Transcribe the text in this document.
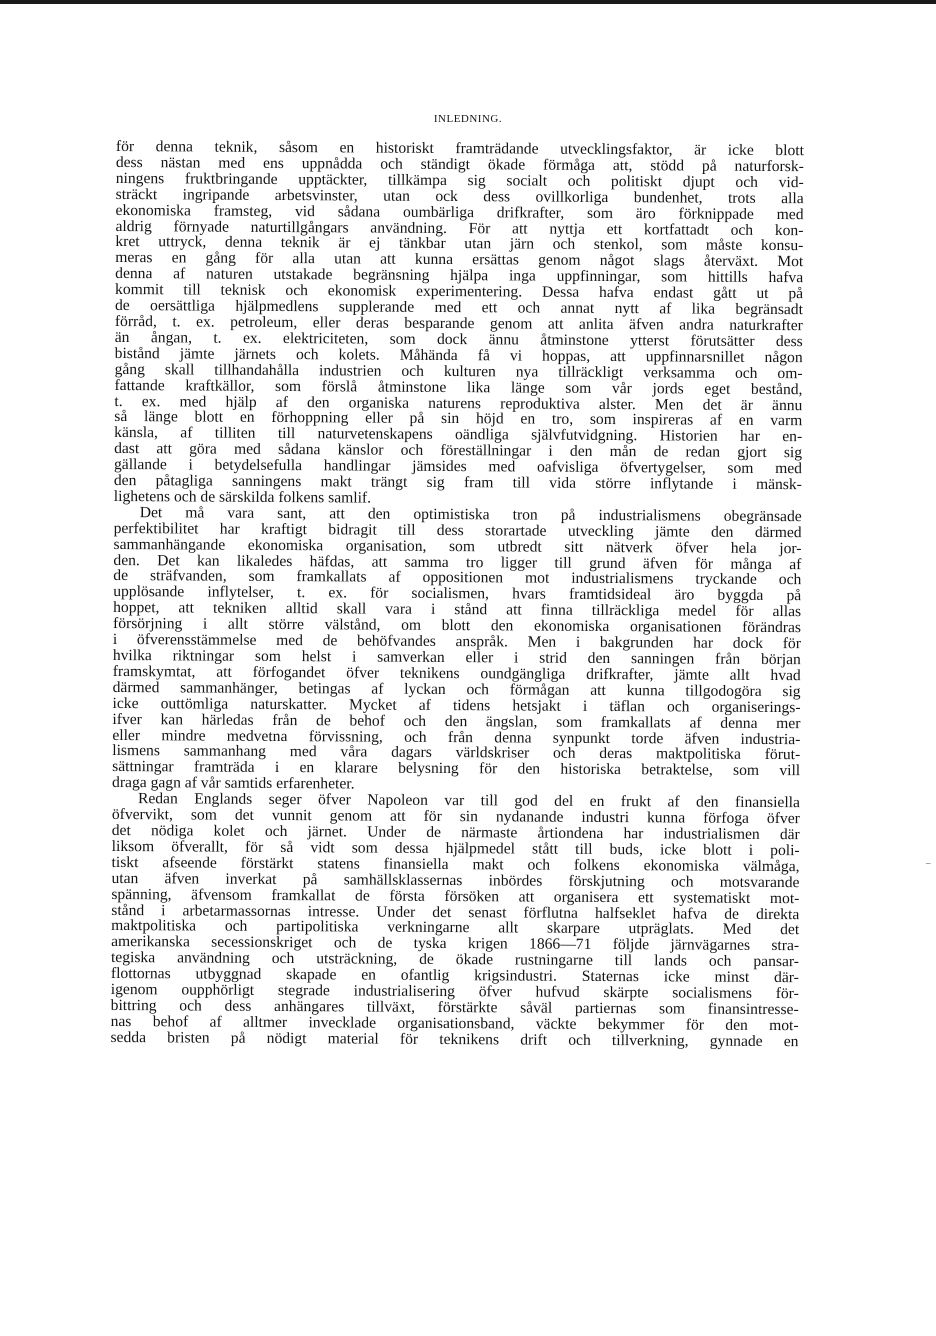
INLEDNING.
för denna teknik, såsom en historiskt framträdande utvecklingsfaktor, är icke blott
dess nästan med ens uppnådda och ständigt ökade förmåga att, stödd på naturforsk-
ningens fruktbringande upptäckter, tillkämpa sig socialt och politiskt djupt och vid-
sträckt ingripande arbetsvinster, utan ock dess ovillkorliga bundenhet, trots alla
ekonomiska framsteg, vid sådana oumbärliga drifkrafter, som äro förknippade med
aldrig förnyade naturtillgångars användning. För att nyttja ett kortfattadt och kon-
kret uttryck, denna teknik är ej tänkbar utan järn och stenkol, som måste konsu-
meras en gång för alla utan att kunna ersättas genom något slags återväxt. Mot
denna af naturen utstakade begränsning hjälpa inga uppfinningar, som hittills hafva
kommit till teknisk och ekonomisk experimentering. Dessa hafva endast gått ut på
de oersättliga hjälpmedlens supplerande med ett och annat nytt af lika begränsadt
förråd, t. ex. petroleum, eller deras besparande genom att anlita äfven andra naturkrafter
än ångan, t. ex. elektriciteten, som dock ännu åtminstone ytterst förutsätter dess
bistånd jämte järnets och kolets. Måhända få vi hoppas, att uppfinnarsnillet någon
gång skall tillhandahålla industrien och kulturen nya tillräckligt verksamma och om-
fattande kraftkällor, som förslå åtminstone lika länge som vår jords eget bestånd,
t. ex. med hjälp af den organiska naturens reproduktiva alster. Men det är ännu
så länge blott en förhoppning eller på sin höjd en tro, som inspireras af en varm
känsla, af tilliten till naturvetenskapens oändliga självfutvidgning. Historien har en-
dast att göra med sådana känslor och föreställningar i den mån de redan gjort sig
gällande i betydelsefulla handlingar jämsides med oafvisliga öfvertygelser, som med
den påtagliga sanningens makt trängt sig fram till vida större inflytande i mänsk-
lighetens och de särskilda folkens samlif.
Det må vara sant, att den optimistiska tron på industrialismens obegränsade
perfektibilitet har kraftigt bidragit till dess storartade utveckling jämte den därmed
sammanhängande ekonomiska organisation, som utbredt sitt nätverk öfver hela jor-
den. Det kan likaledes häfdas, att samma tro ligger till grund äfven för många af
de sträfvanden, som framkallats af oppositionen mot industrialismens tryckande och
upplösande inflytelser, t. ex. för socialismen, hvars framtidsideal äro byggda på
hoppet, att tekniken alltid skall vara i stånd att finna tillräckliga medel för allas
försörjning i allt större välstånd, om blott den ekonomiska organisationen förändras
i öfverensstämmelse med de behöfvandes anspråk. Men i bakgrunden har dock för
hvilka riktningar som helst i samverkan eller i strid den sanningen från början
framskymtat, att förfogandet öfver teknikens oundgängliga drifkrafter, jämte allt hvad
därmed sammanhänger, betingas af lyckan och förmågan att kunna tillgodogöra sig
icke outtömliga naturskatter. Mycket af tidens hetsjakt i täflan och organiserings-
ifver kan härledas från de behof och den ängslan, som framkallats af denna mer
eller mindre medvetna förvissning, och från denna synpunkt torde äfven industria-
lismens sammanhang med våra dagars världskriser och deras maktpolitiska förut-
sättningar framträda i en klarare belysning för den historiska betraktelse, som vill
draga gagn af vår samtids erfarenheter.
Redan Englands seger öfver Napoleon var till god del en frukt af den finansiella
öfvervikt, som det vunnit genom att för sin nydanande industri kunna förfoga öfver
det nödiga kolet och järnet. Under de närmaste årtiondena har industrialismen där
liksom öfverallt, för så vidt som dessa hjälpmedel stått till buds, icke blott i poli-
tiskt afseende förstärkt statens finansiella makt och folkens ekonomiska välmåga,
utan äfven inverkat på samhällsklassernas inbördes förskjutning och motsvarande
spänning, äfvensom framkallat de första försöken att organisera ett systematiskt mot-
stånd i arbetarmassornas intresse. Under det senast förflutna halfseklet hafva de direkta
maktpolitiska och partipolitiska verkningarne allt skarpare utpräglats. Med det
amerikanska secessionskriget och de tyska krigen 1866—71 följde järnvägarnes stra-
tegiska användning och utsträckning, de ökade rustningarne till lands och pansar-
flottornas utbyggnad skapade en ofantlig krigsindustri. Staternas icke minst där-
igenom oupphörligt stegrade industrialisering öfver hufvud skärpte socialismens för-
bittring och dess anhängares tillväxt, förstärkte såväl partiernas som finansintresse-
nas behof af alltmer invecklade organisationsband, väckte bekymmer för den mot-
sedda bristen på nödigt material för teknikens drift och tillverkning, gynnade en
–
